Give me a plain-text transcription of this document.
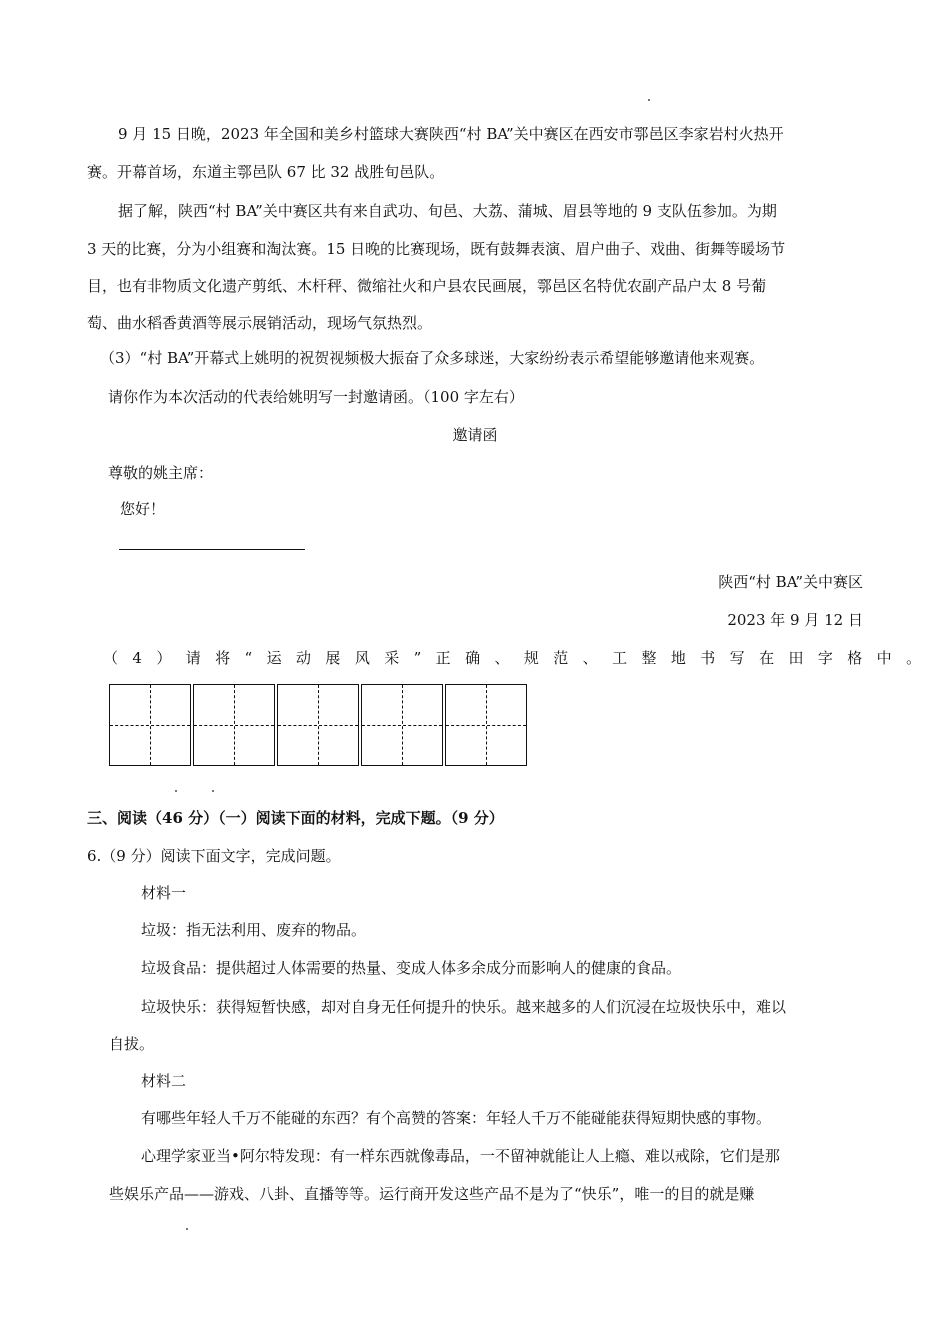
9 月 15 日晚，2023 年全国和美乡村篮球大赛陕西“村 BA”关中赛区在西安市鄠邑区李家岩村火热开
赛。开幕首场，东道主鄠邑队 67 比 32 战胜旬邑队。
据了解，陕西“村 BA”关中赛区共有来自武功、旬邑、大荔、蒲城、眉县等地的 9 支队伍参加。为期
3 天的比赛，分为小组赛和淘汰赛。15 日晚的比赛现场，既有鼓舞表演、眉户曲子、戏曲、街舞等暖场节
目，也有非物质文化遗产剪纸、木杆秤、微缩社火和户县农民画展，鄠邑区名特优农副产品户太 8 号葡
萄、曲水稻香黄酒等展示展销活动，现场气氛热烈。
（3）“村 BA”开幕式上姚明的祝贺视频极大振奋了众多球迷，大家纷纷表示希望能够邀请他来观赛。
请你作为本次活动的代表给姚明写一封邀请函。（100 字左右）
邀请函
尊敬的姚主席：
您好！
陕西“村 BA”关中赛区
2023 年 9 月 12 日
（4）请将“运动展风采”正确、规范、工整地书写在田字格中。
三、阅读（46 分）（一）阅读下面的材料，完成下题。（9 分）
6.（9 分）阅读下面文字，完成问题。
材料一
垃圾：指无法利用、废弃的物品。
垃圾食品：提供超过人体需要的热量、变成人体多余成分而影响人的健康的食品。
垃圾快乐：获得短暂快感，却对自身无任何提升的快乐。越来越多的人们沉浸在垃圾快乐中，难以
自拔。
材料二
有哪些年轻人千万不能碰的东西？有个高赞的答案：年轻人千万不能碰能获得短期快感的事物。
心理学家亚当•阿尔特发现：有一样东西就像毒品，一不留神就能让人上瘾、难以戒除，它们是那
些娱乐产品——游戏、八卦、直播等等。运行商开发这些产品不是为了“快乐”，唯一的目的就是赚
